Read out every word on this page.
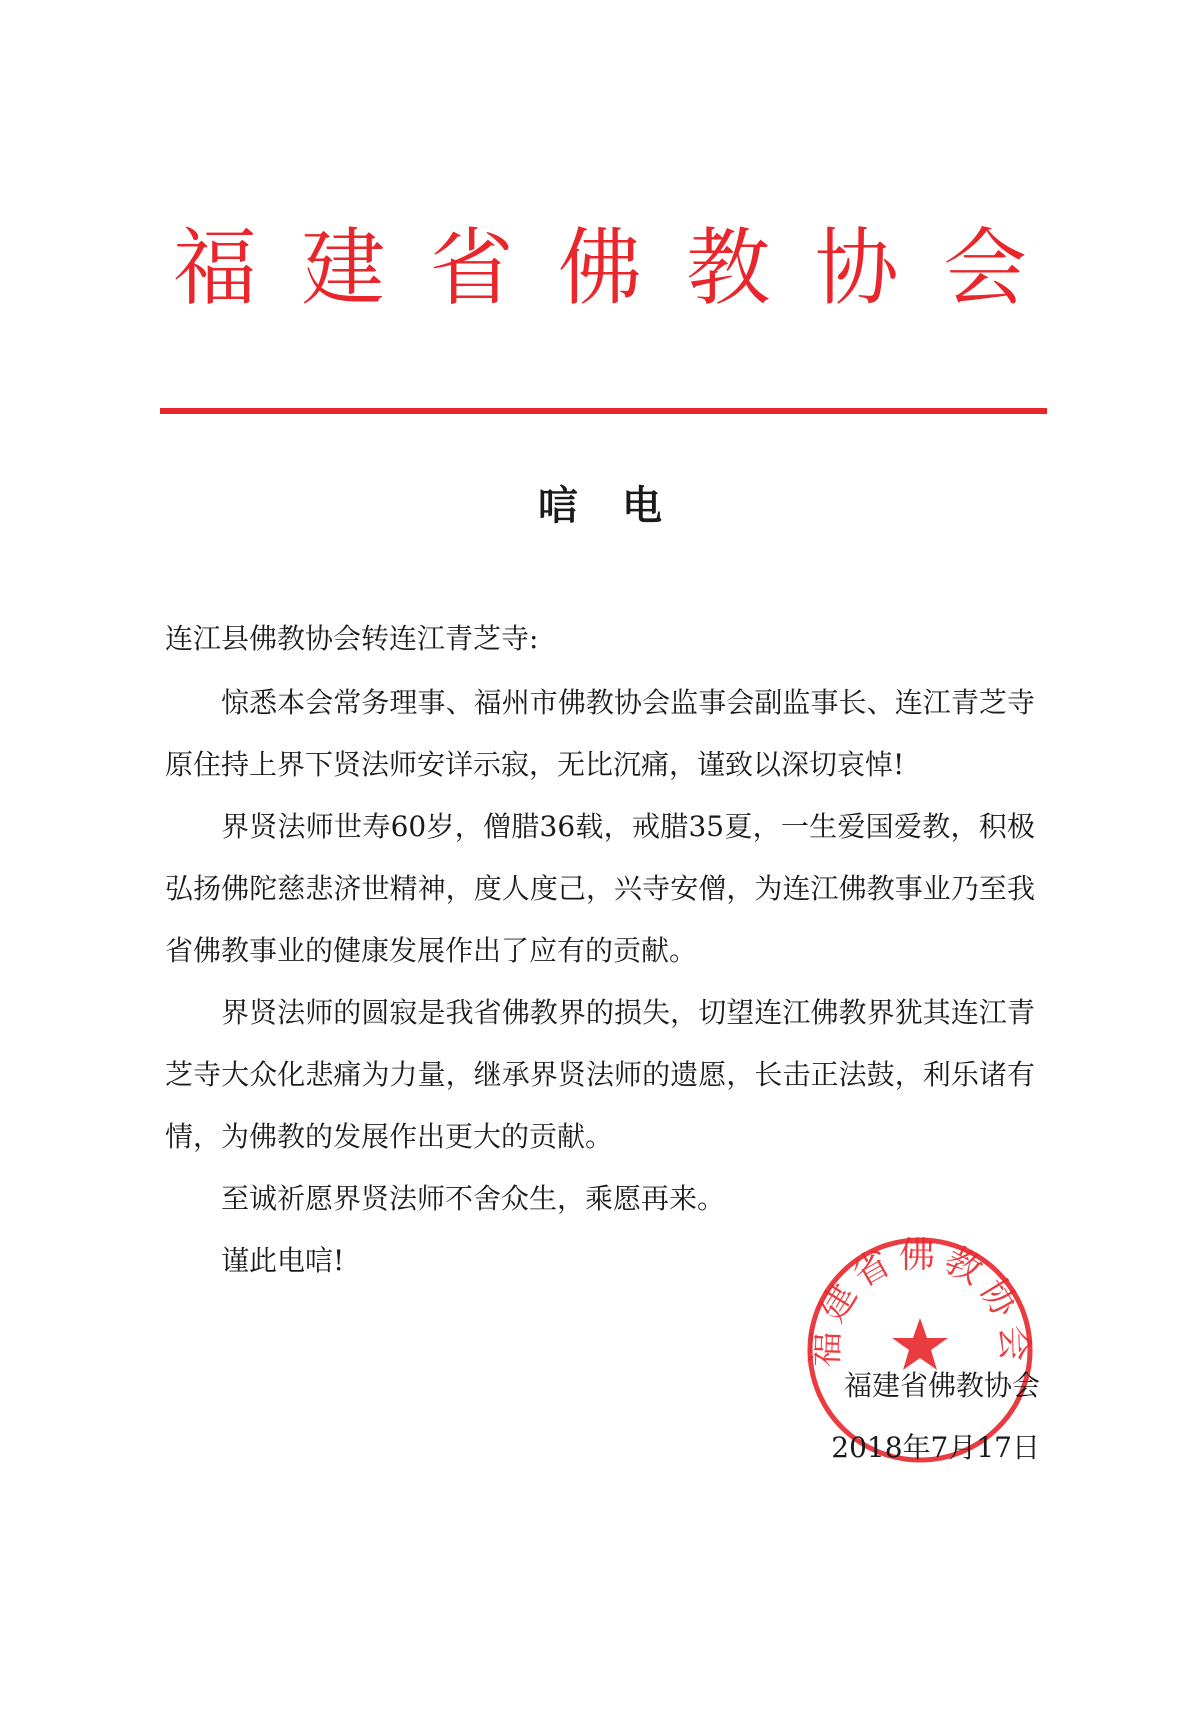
福 建 省 佛 教 协 会
唁电
连江县佛教协会转连江青芝寺:

惊悉本会常务理事、福州市佛教协会监事会副监事长、连江青芝寺原住持上界下贤法师安详示寂，无比沉痛，谨致以深切哀悼!

界贤法师世寿60岁，僧腊36载，戒腊35夏，一生爱国爱教，积极弘扬佛陀慈悲济世精神，度人度己，兴寺安僧，为连江佛教事业乃至我省佛教事业的健康发展作出了应有的贡献。

界贤法师的圆寂是我省佛教界的损失，切望连江佛教界犹其连江青芝寺大众化悲痛为力量，继承界贤法师的遗愿，长击正法鼓，利乐诸有情，为佛教的发展作出更大的贡献。

至诚祈愿界贤法师不舍众生，乘愿再来。

谨此电唁!

福建省佛教协会
福建省佛教协会
2018年7月17日
